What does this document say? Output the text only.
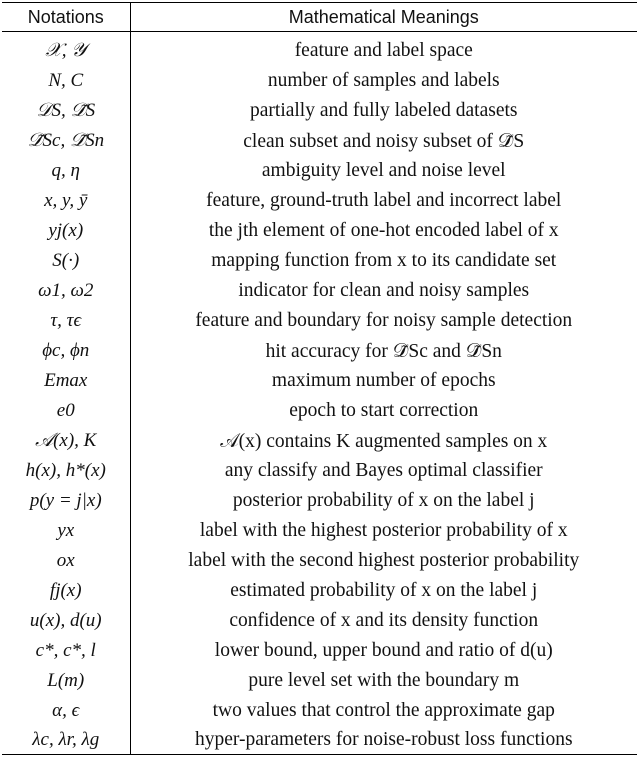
Notations	Mathematical Meanings

𝒳, 𝒴	feature and label space
N, C	number of samples and labels
𝒟S, 𝒟̃S	partially and fully labeled datasets
𝒟̃Sc, 𝒟̃Sn	clean subset and noisy subset of 𝒟̃S
q, η	ambiguity level and noise level
x, y, ȳ	feature, ground-truth label and incorrect label
yj(x)	the jth element of one-hot encoded label of x
S(·)	mapping function from x to its candidate set
ω1, ω2	indicator for clean and noisy samples
τ, τϵ	feature and boundary for noisy sample detection
ϕc, ϕn	hit accuracy for 𝒟̃Sc and 𝒟̃Sn
Emax	maximum number of epochs
e0	epoch to start correction
𝒜(x), K	𝒜(x) contains K augmented samples on x
h(x), h*(x)	any classify and Bayes optimal classifier
p(y = j|x)	posterior probability of x on the label j
yx	label with the highest posterior probability of x
ox	label with the second highest posterior probability
fj(x)	estimated probability of x on the label j
u(x), d(u)	confidence of x and its density function
c*, c*, l	lower bound, upper bound and ratio of d(u)
L(m)	pure level set with the boundary m
α, ϵ	two values that control the approximate gap
λc, λr, λg	hyper-parameters for noise-robust loss functions
